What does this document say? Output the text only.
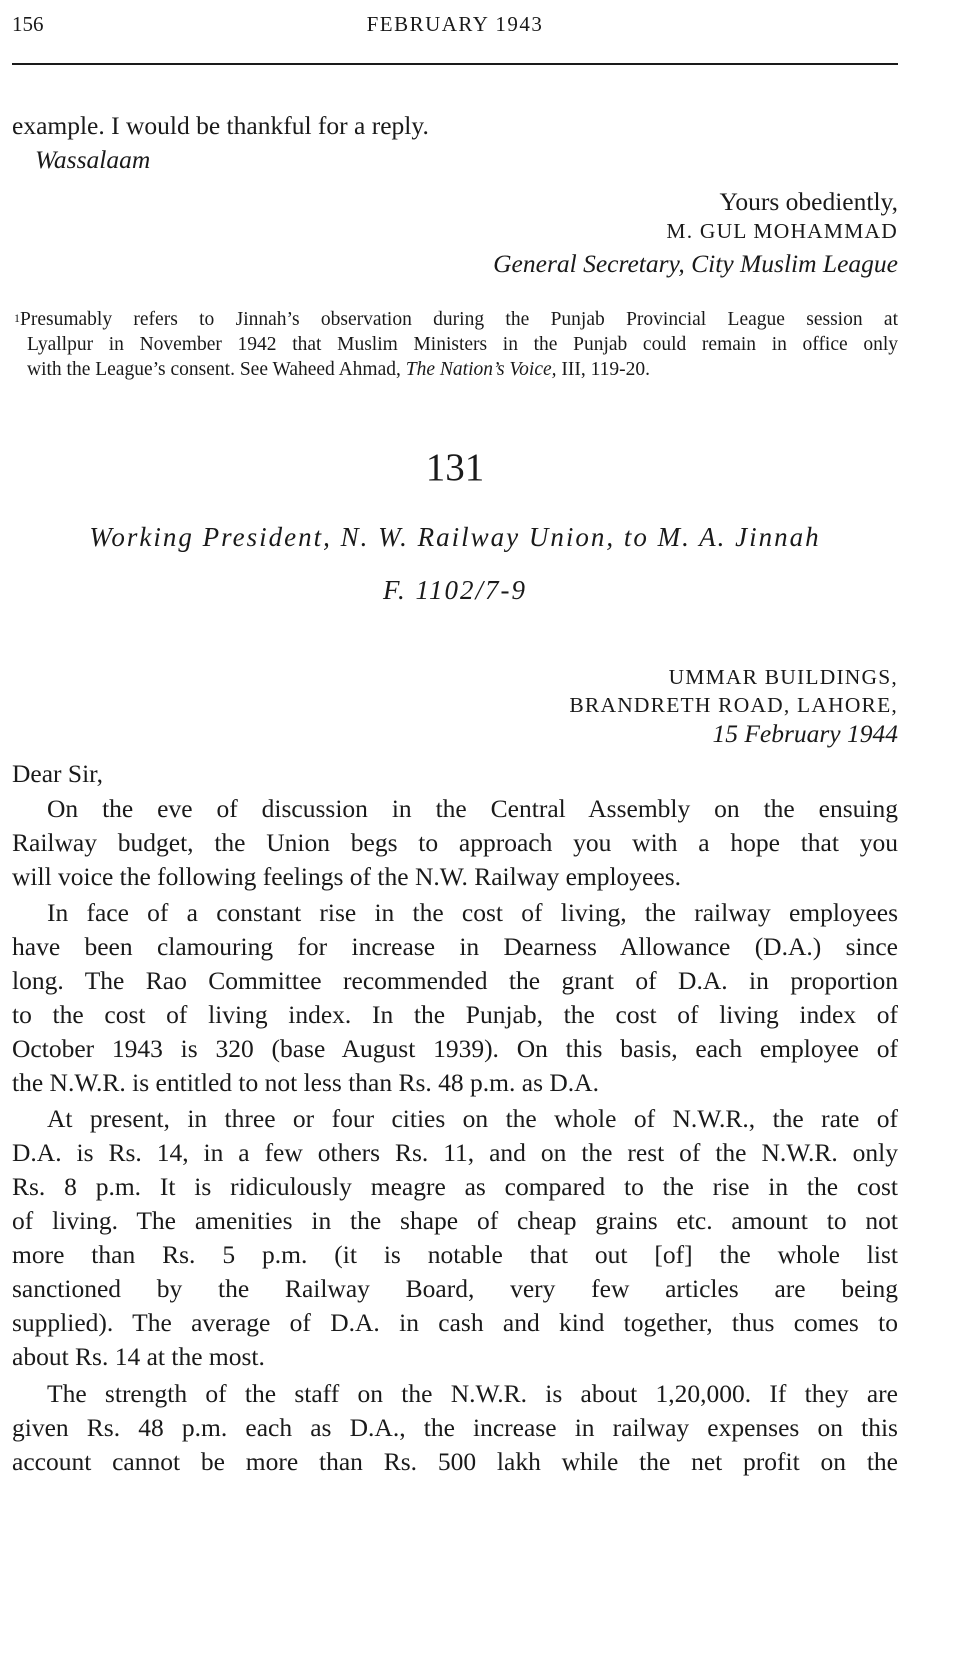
156	FEBRUARY 1943
example. I would be thankful for a reply.
Wassalaam
Yours obediently,
M. GUL MOHAMMAD
General Secretary, City Muslim League
$^1$Presumably refers to Jinnah’s observation during the Punjab Provincial League session at
Lyallpur in November 1942 that Muslim Ministers in the Punjab could remain in office only
with the League’s consent. See Waheed Ahmad, The Nation’s Voice, III, 119-20.
131
Working President, N. W. Railway Union, to M. A. Jinnah
F. 1102/7-9
UMMAR BUILDINGS,
BRANDRETH ROAD, LAHORE,
15 February 1944
Dear Sir,
On the eve of discussion in the Central Assembly on the ensuing
Railway budget, the Union begs to approach you with a hope that you
will voice the following feelings of the N.W. Railway employees.
In face of a constant rise in the cost of living, the railway employees
have been clamouring for increase in Dearness Allowance (D.A.) since
long. The Rao Committee recommended the grant of D.A. in proportion
to the cost of living index. In the Punjab, the cost of living index of
October 1943 is 320 (base August 1939). On this basis, each employee of
the N.W.R. is entitled to not less than Rs. 48 p.m. as D.A.
At present, in three or four cities on the whole of N.W.R., the rate of
D.A. is Rs. 14, in a few others Rs. 11, and on the rest of the N.W.R. only
Rs. 8 p.m. It is ridiculously meagre as compared to the rise in the cost
of living. The amenities in the shape of cheap grains etc. amount to not
more than Rs. 5 p.m. (it is notable that out [of] the whole list
sanctioned by the Railway Board, very few articles are being
supplied). The average of D.A. in cash and kind together, thus comes to
about Rs. 14 at the most.
The strength of the staff on the N.W.R. is about 1,20,000. If they are
given Rs. 48 p.m. each as D.A., the increase in railway expenses on this
account cannot be more than Rs. 500 lakh while the net profit on the
